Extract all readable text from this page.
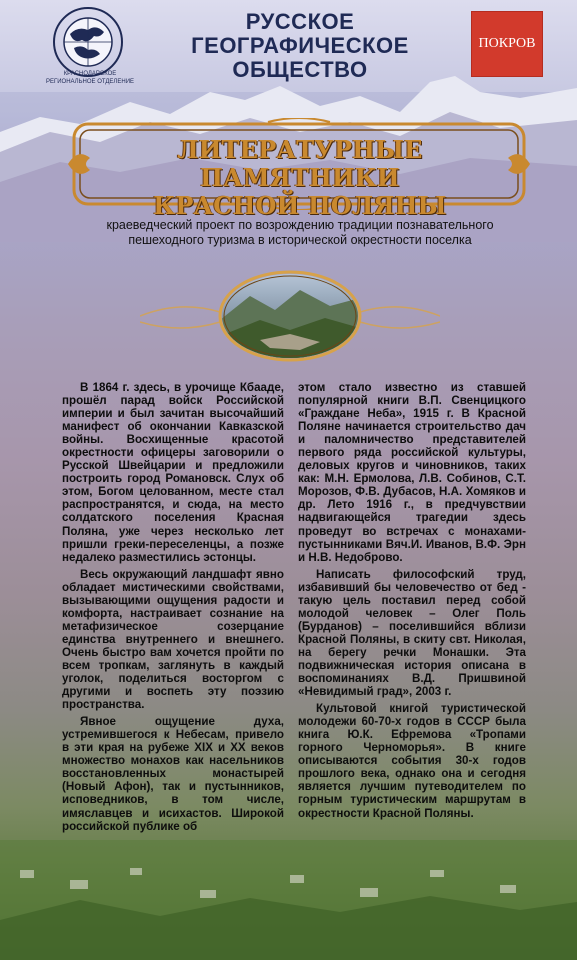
КРАСНОДАРСКОЕ
РЕГИОНАЛЬНОЕ ОТДЕЛЕНИЕ
РУССКОЕ ГЕОГРАФИЧЕСКОЕ
ОБЩЕСТВО
ПОКРОВ
ЛИТЕРАТУРНЫЕ ПАМЯТНИКИ
КРАСНОЙ ПОЛЯНЫ
краеведческий проект по возрождению традиции познавательного
пешеходного туризма в исторической окрестности поселка

В 1864 г. здесь, в урочище Кбааде, прошёл парад войск Российской империи и был зачитан высочайший манифест об окончании Кавказской войны. Восхищенные красотой окрестности офицеры заговорили о Русской Швейцарии и предложили построить город Романовск. Слух об этом, Богом целованном, месте стал распространятся, и сюда, на место солдатского поселения Красная Поляна, уже через несколько лет пришли греки-переселенцы, а позже недалеко разместились эстонцы.

Весь окружающий ландшафт явно обладает мистическими свойствами, вызывающими ощущения радости и комфорта, настраивает сознание на метафизическое созерцание единства внутреннего и внешнего. Очень быстро вам хочется пройти по всем тропкам, заглянуть в каждый уголок, поделиться восторгом с другими и воспеть эту поэзию пространства.

Явное ощущение духа, устремившегося к Небесам, привело в эти края на рубеже XIX и XX веков множество монахов как насельников восстановленных монастырей (Новый Афон), так и пустынников, исповедников, в том числе, имяславцев и исихастов. Широкой российской публике об

этом стало известно из ставшей популярной книги В.П. Свенцицкого «Граждане Неба», 1915 г. В Красной Поляне начинается строительство дач и паломничество представителей первого ряда российской культуры, деловых кругов и чиновников, таких как: М.Н. Ермолова, Л.В. Собинов, С.Т. Морозов, Ф.В. Дубасов, Н.А. Хомяков и др. Лето 1916 г., в предчувствии надвигающейся трагедии здесь проведут во встречах с монахами-пустынниками Вяч.И. Иванов, В.Ф. Эрн и Н.В. Недоброво.

Написать философский труд, избавивший бы человечество от бед - такую цель поставил перед собой молодой человек – Олег Поль (Бурданов) – поселившийся вблизи Красной Поляны, в скиту свт. Николая, на берегу речки Монашки. Эта подвижническая история описана в воспоминаниях В.Д. Пришвиной «Невидимый град», 2003 г.

Культовой книгой туристической молодежи 60-70-х годов в СССР была книга Ю.К. Ефремова «Тропами горного Черноморья». В книге описываются события 30-х годов прошлого века, однако она и сегодня является лучшим путеводителем по горным туристическим маршрутам в окрестности Красной Поляны.
